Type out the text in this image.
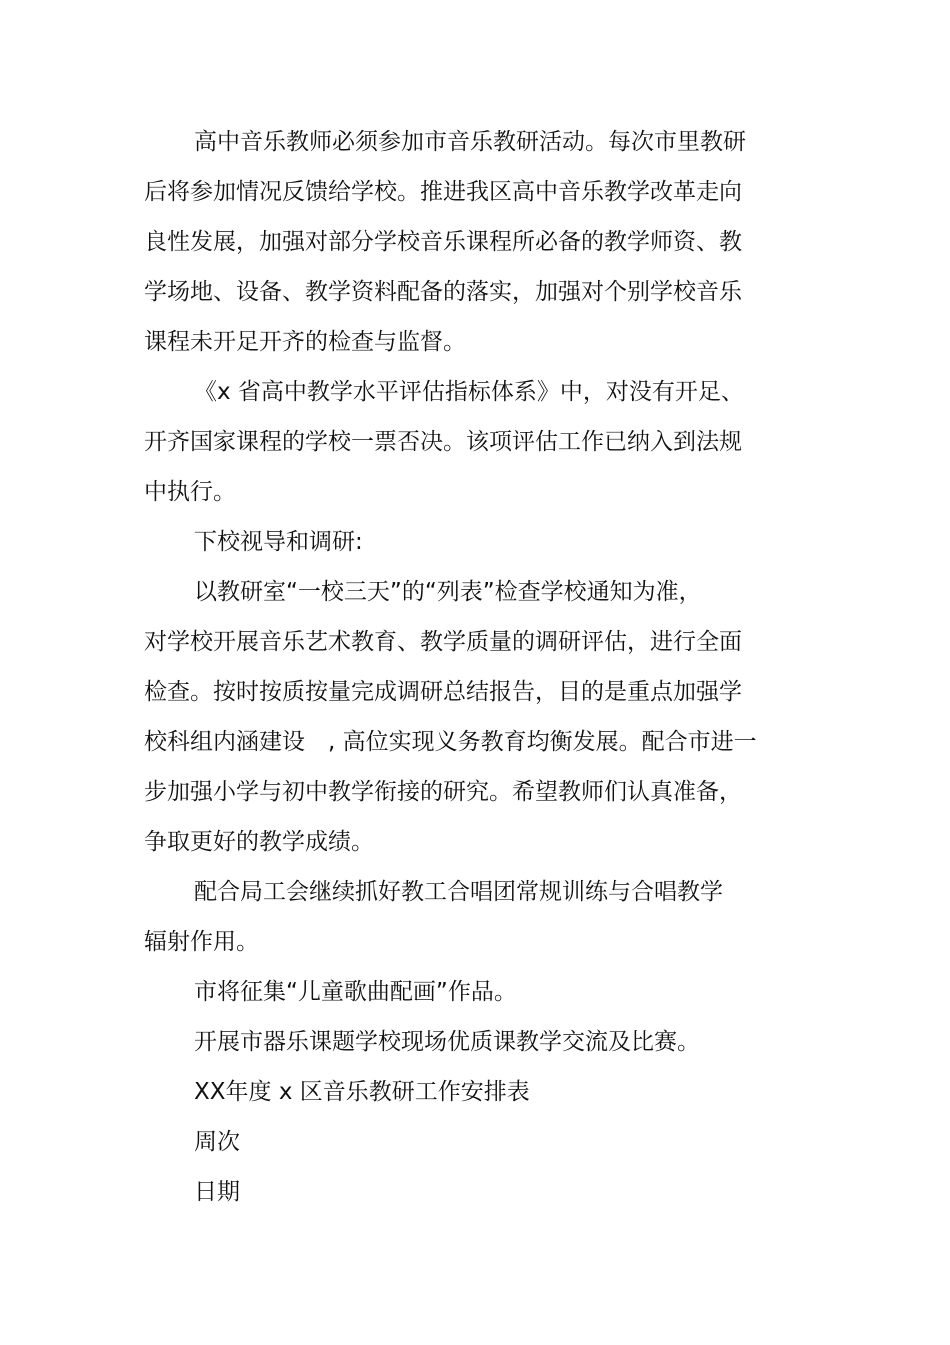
高中音乐教师必须参加市音乐教研活动。每次市里教研
后将参加情况反馈给学校。推进我区高中音乐教学改革走向
良性发展，加强对部分学校音乐课程所必备的教学师资、教
学场地、设备、教学资料配备的落实，加强对个别学校音乐
课程未开足开齐的检查与监督。
《x 省高中教学水平评估指标体系》中，对没有开足、
开齐国家课程的学校一票否决。该项评估工作已纳入到法规
中执行。
下校视导和调研:
以教研室“一校三天”的“列表”检查学校通知为准，
对学校开展音乐艺术教育、教学质量的调研评估，进行全面
检查。按时按质按量完成调研总结报告，目的是重点加强学
校科组内涵建设　, 高位实现义务教育均衡发展。配合市进一
步加强小学与初中教学衔接的研究。希望教师们认真准备，
争取更好的教学成绩。
配合局工会继续抓好教工合唱团常规训练与合唱教学
辐射作用。
市将征集“儿童歌曲配画”作品。
开展市器乐课题学校现场优质课教学交流及比赛。
XX年度 x 区音乐教研工作安排表
周次
日期
